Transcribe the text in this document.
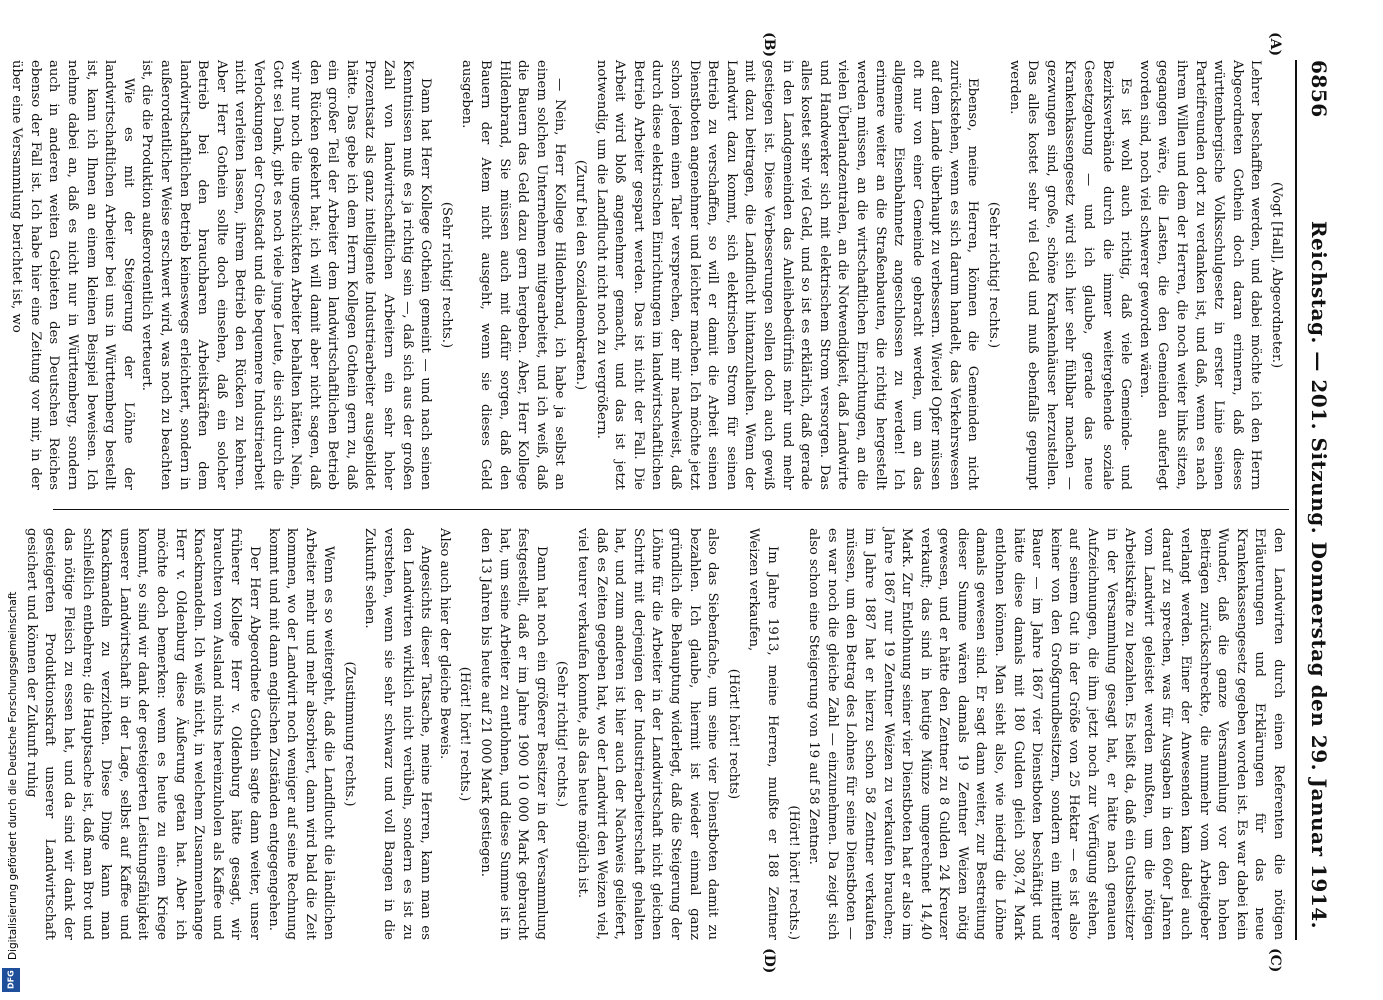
6856
Reichstag. — 201. Sitzung. Donnerstag den 29. Januar 1914.
(A)
(B)
(C)
(D)

(Vogt [Hall], Abgeordneter.)

Lehrer beschafften werden, und dabei möchte ich den Herrn Abgeordneten Gothein doch daran erinnern, daß dieses württembergische Volksschulgesetz in erster Linie seinen Parteifreunden dort zu verdanken ist, und daß, wenn es nach ihrem Willen und dem der Herren, die noch weiter links sitzen, gegangen wäre, die Lasten, die den Gemeinden auferlegt worden sind, noch viel schwerer geworden wären.

Es ist wohl auch richtig, daß viele Gemeinde- und Bezirksverbände durch die immer weitergehende soziale Gesetzgebung — und ich glaube, gerade das neue Krankenkassengesetz wird sich hier sehr fühlbar machen — gezwungen sind, große, schöne Krankenhäuser herzustellen. Das alles kostet sehr viel Geld und muß ebenfalls gepumpt werden.

(Sehr richtig! rechts.)

Ebenso, meine Herren, können die Gemeinden nicht zurückstehen, wenn es sich darum handelt, das Verkehrswesen auf dem Lande überhaupt zu verbessern. Wieviel Opfer müssen oft nur von einer Gemeinde gebracht werden, um an das allgemeine Eisenbahnnetz angeschlossen zu werden! Ich erinnere weiter an die Straßenbauten, die richtig hergestellt werden müssen, an die wirtschaftlichen Einrichtungen, an die vielen Überlandzentralen, an die Notwendigkeit, daß Landwirte und Handwerker sich mit elektrischem Strom versorgen. Das alles kostet sehr viel Geld, und so ist es erklärlich, daß gerade in den Landgemeinden das Anleihebedürfnis mehr und mehr gestiegen ist. Diese Verbesserungen sollen doch auch gewiß mit dazu beitragen, die Landflucht hintanzuhalten. Wenn der Landwirt dazu kommt, sich elektrischen Strom für seinen Betrieb zu verschaffen, so will er damit die Arbeit seinen Dienstboten angenehmer und leichter machen. Ich möchte jetzt schon jedem einen Taler versprechen, der mir nachweist, daß durch diese elektrischen Einrichtungen im landwirtschaftlichen Betrieb Arbeiter gespart werden. Das ist nicht der Fall. Die Arbeit wird bloß angenehmer gemacht, und das ist jetzt notwendig, um die Landflucht nicht noch zu vergrößern.

(Zuruf bei den Sozialdemokraten.)

— Nein, Herr Kollege Hildenbrand, ich habe ja selbst an einem solchen Unternehmen mitgearbeitet, und ich weiß, daß die Bauern das Geld dazu gern hergeben. Aber, Herr Kollege Hildenbrand, Sie müssen auch mit dafür sorgen, daß den Bauern der Atem nicht ausgeht, wenn sie dieses Geld ausgeben.

(Sehr richtig! rechts.)

Dann hat Herr Kollege Gothein gemeint — und nach seinen Kenntnissen muß es ja richtig sein —, daß sich aus der großen Zahl von landwirtschaftlichen Arbeitern ein sehr hoher Prozentsatz als ganz intelligente Industriearbeiter ausgebildet hätte. Das gebe ich dem Herrn Kollegen Gothein gern zu, daß ein großer Teil der Arbeiter dem landwirtschaftlichen Betrieb den Rücken gekehrt hat; ich will damit aber nicht sagen, daß wir nur noch die ungeschickten Arbeiter behalten hätten. Nein, Gott sei Dank, gibt es noch viele junge Leute, die sich durch die Verlockungen der Großstadt und die bequemere Industriearbeit nicht verleiten lassen, ihrem Betrieb den Rücken zu kehren. Aber Herr Gothein sollte doch einsehen, daß ein solcher Betrieb bei den brauchbaren Arbeitskräften dem landwirtschaftlichen Betrieb keineswegs erleichtert, sondern in außerordentlicher Weise erschwert wird, was noch zu beachten ist, die die Produktion außerordentlich verteuert.

Wie es mit der Steigerung der Löhne der landwirtschaftlichen Arbeiter bei uns in Württemberg bestellt ist, kann ich Ihnen an einem kleinen Beispiel beweisen. Ich nehme dabei an, daß es nicht nur in Württemberg, sondern auch in anderen weiten Gebieten des Deutschen Reiches ebenso der Fall ist. Ich habe hier eine Zeitung vor mir, in der über eine Versammlung berichtet ist, wo

den Landwirten durch einen Referenten die nötigen Erläuterungen und Erklärungen für das neue Krankenkassengesetz gegeben worden ist. Es war dabei kein Wunder, daß die ganze Versammlung vor den hohen Beiträgen zurückschreckte, die nunmehr vom Arbeitgeber verlangt werden. Einer der Anwesenden kam dabei auch darauf zu sprechen, was für Ausgaben in den 60er Jahren vom Landwirt geleistet werden mußten, um die nötigen Arbeitskräfte zu bezahlen. Es heißt da, daß ein Gutsbesitzer in der Versammlung gesagt hat, er hätte nach genauen Aufzeichnungen, die ihm jetzt noch zur Verfügung stehen, auf seinem Gut in der Größe von 25 Hektar — es ist also keiner von den Großgrundbesitzern, sondern ein mittlerer Bauer — im Jahre 1867 vier Dienstboten beschäftigt und hätte diese damals mit 180 Gulden gleich 308,74 Mark entlohnen können. Man sieht also, wie niedrig die Löhne damals gewesen sind. Er sagt dann weiter, zur Bestreitung dieser Summe wären damals 19 Zentner Weizen nötig gewesen, und er hätte den Zentner zu 8 Gulden 24 Kreuzer verkauft; das sind in heutige Münze umgerechnet 14,40 Mark. Zur Entlohnung seiner vier Dienstboten hat er also im Jahre 1867 nur 19 Zentner Weizen zu verkaufen brauchen; im Jahre 1887 hat er hierzu schon 58 Zentner verkaufen müssen, um den Betrag des Lohnes für seine Dienstboten — es war noch die gleiche Zahl — einzunehmen. Da zeigt sich also schon eine Steigerung von 19 auf 58 Zentner.

(Hört! hört! rechts.)

Im Jahre 1913, meine Herren, mußte er 188 Zentner Weizen verkaufen,

(Hört! hört! rechts)

also das Siebenfache, um seine vier Dienstboten damit zu bezahlen. Ich glaube, hiermit ist wieder einmal ganz gründlich die Behauptung widerlegt, daß die Steigerung der Löhne für die Arbeiter in der Landwirtschaft nicht gleichen Schritt mit derjenigen der Industriearbeiterschaft gehalten hat, und zum anderen ist hier auch der Nachweis geliefert, daß es Zeiten gegeben hat, wo der Landwirt den Weizen viel, viel teurer verkaufen konnte, als das heute möglich ist.

(Sehr richtig! rechts.)

Dann hat noch ein größerer Besitzer in der Versammlung festgestellt, daß er im Jahre 1900 10 000 Mark gebraucht hat, um seine Arbeiter zu entlohnen, und diese Summe ist in den 13 Jahren bis heute auf 21 000 Mark gestiegen.

(Hört! hört! rechts.)

Also auch hier der gleiche Beweis.

Angesichts dieser Tatsache, meine Herren, kann man es den Landwirten wirklich nicht verübeln, sondern es ist zu verstehen, wenn sie sehr schwarz und voll Bangen in die Zukunft sehen.

(Zustimmung rechts.)

Wenn es so weitergeht, daß die Landflucht die ländlichen Arbeiter mehr und mehr absorbiert, dann wird bald die Zeit kommen, wo der Landwirt noch weniger auf seine Rechnung kommt und mit dann englischen Zuständen entgegengehen.

Der Herr Abgeordnete Gothein sagte dann weiter, unser früherer Kollege Herr v. Oldenburg hätte gesagt, wir brauchten vom Ausland nichts hereinzuholen als Kaffee und Knackmandeln. Ich weiß nicht, in welchem Zusammenhange Herr v. Oldenburg diese Äußerung getan hat. Aber ich möchte doch bemerken: wenn es heute zu einem Kriege kommt, so sind wir dank der gesteigerten Leistungsfähigkeit unserer Landwirtschaft in der Lage, selbst auf Kaffee und Knackmandeln zu verzichten. Diese Dinge kann man schließlich entbehren; die Hauptsache ist, daß man Brot und das nötige Fleisch zu essen hat, und da sind wir dank der gesteigerten Produktionskraft unserer Landwirtschaft gesichert und können der Zukunft ruhig

Digitalisierung gefördert durch die Deutsche Forschungsgemeinschaft
DFG
